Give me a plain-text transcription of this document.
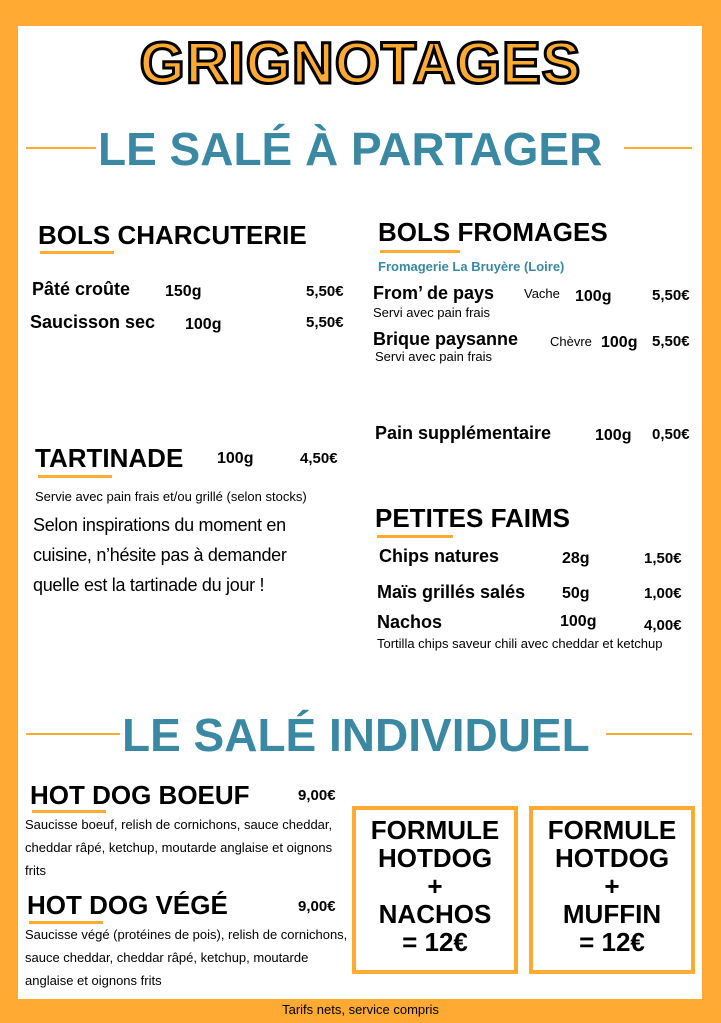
GRIGNOTAGES
LE SALÉ À PARTAGER
BOLS CHARCUTERIE
Pâté croûte 150g	5,50€
Saucisson sec 100g	5,50€
BOLS FROMAGES
Fromagerie La Bruyère (Loire)
From’ de pays Vache 100g	5,50€
Servi avec pain frais
Brique paysanne Chèvre 100g 5,50€
Servi avec pain frais
Pain supplémentaire	100g 0,50€
TARTINADE 100g	4,50€
Servie avec pain frais et/ou grillé (selon stocks)
Selon inspirations du moment en cuisine, n’hésite pas à demander quelle est la tartinade du jour !
PETITES FAIMS
Chips natures	28g	1,50€
Maïs grillés salés 50g	1,00€
Nachos	100g	4,00€
Tortilla chips saveur chili avec cheddar et ketchup
LE SALÉ INDIVIDUEL
HOT DOG BOEUF	9,00€
Saucisse boeuf, relish de cornichons, sauce cheddar, cheddar râpé, ketchup, moutarde anglaise et oignons frits
HOT DOG VÉGÉ	9,00€
Saucisse végé (protéines de pois), relish de cornichons, sauce cheddar, cheddar râpé, ketchup, moutarde anglaise et oignons frits
FORMULE
HOTDOG
+
NACHOS
= 12€
FORMULE
HOTDOG
+
MUFFIN
= 12€
Tarifs nets, service compris
